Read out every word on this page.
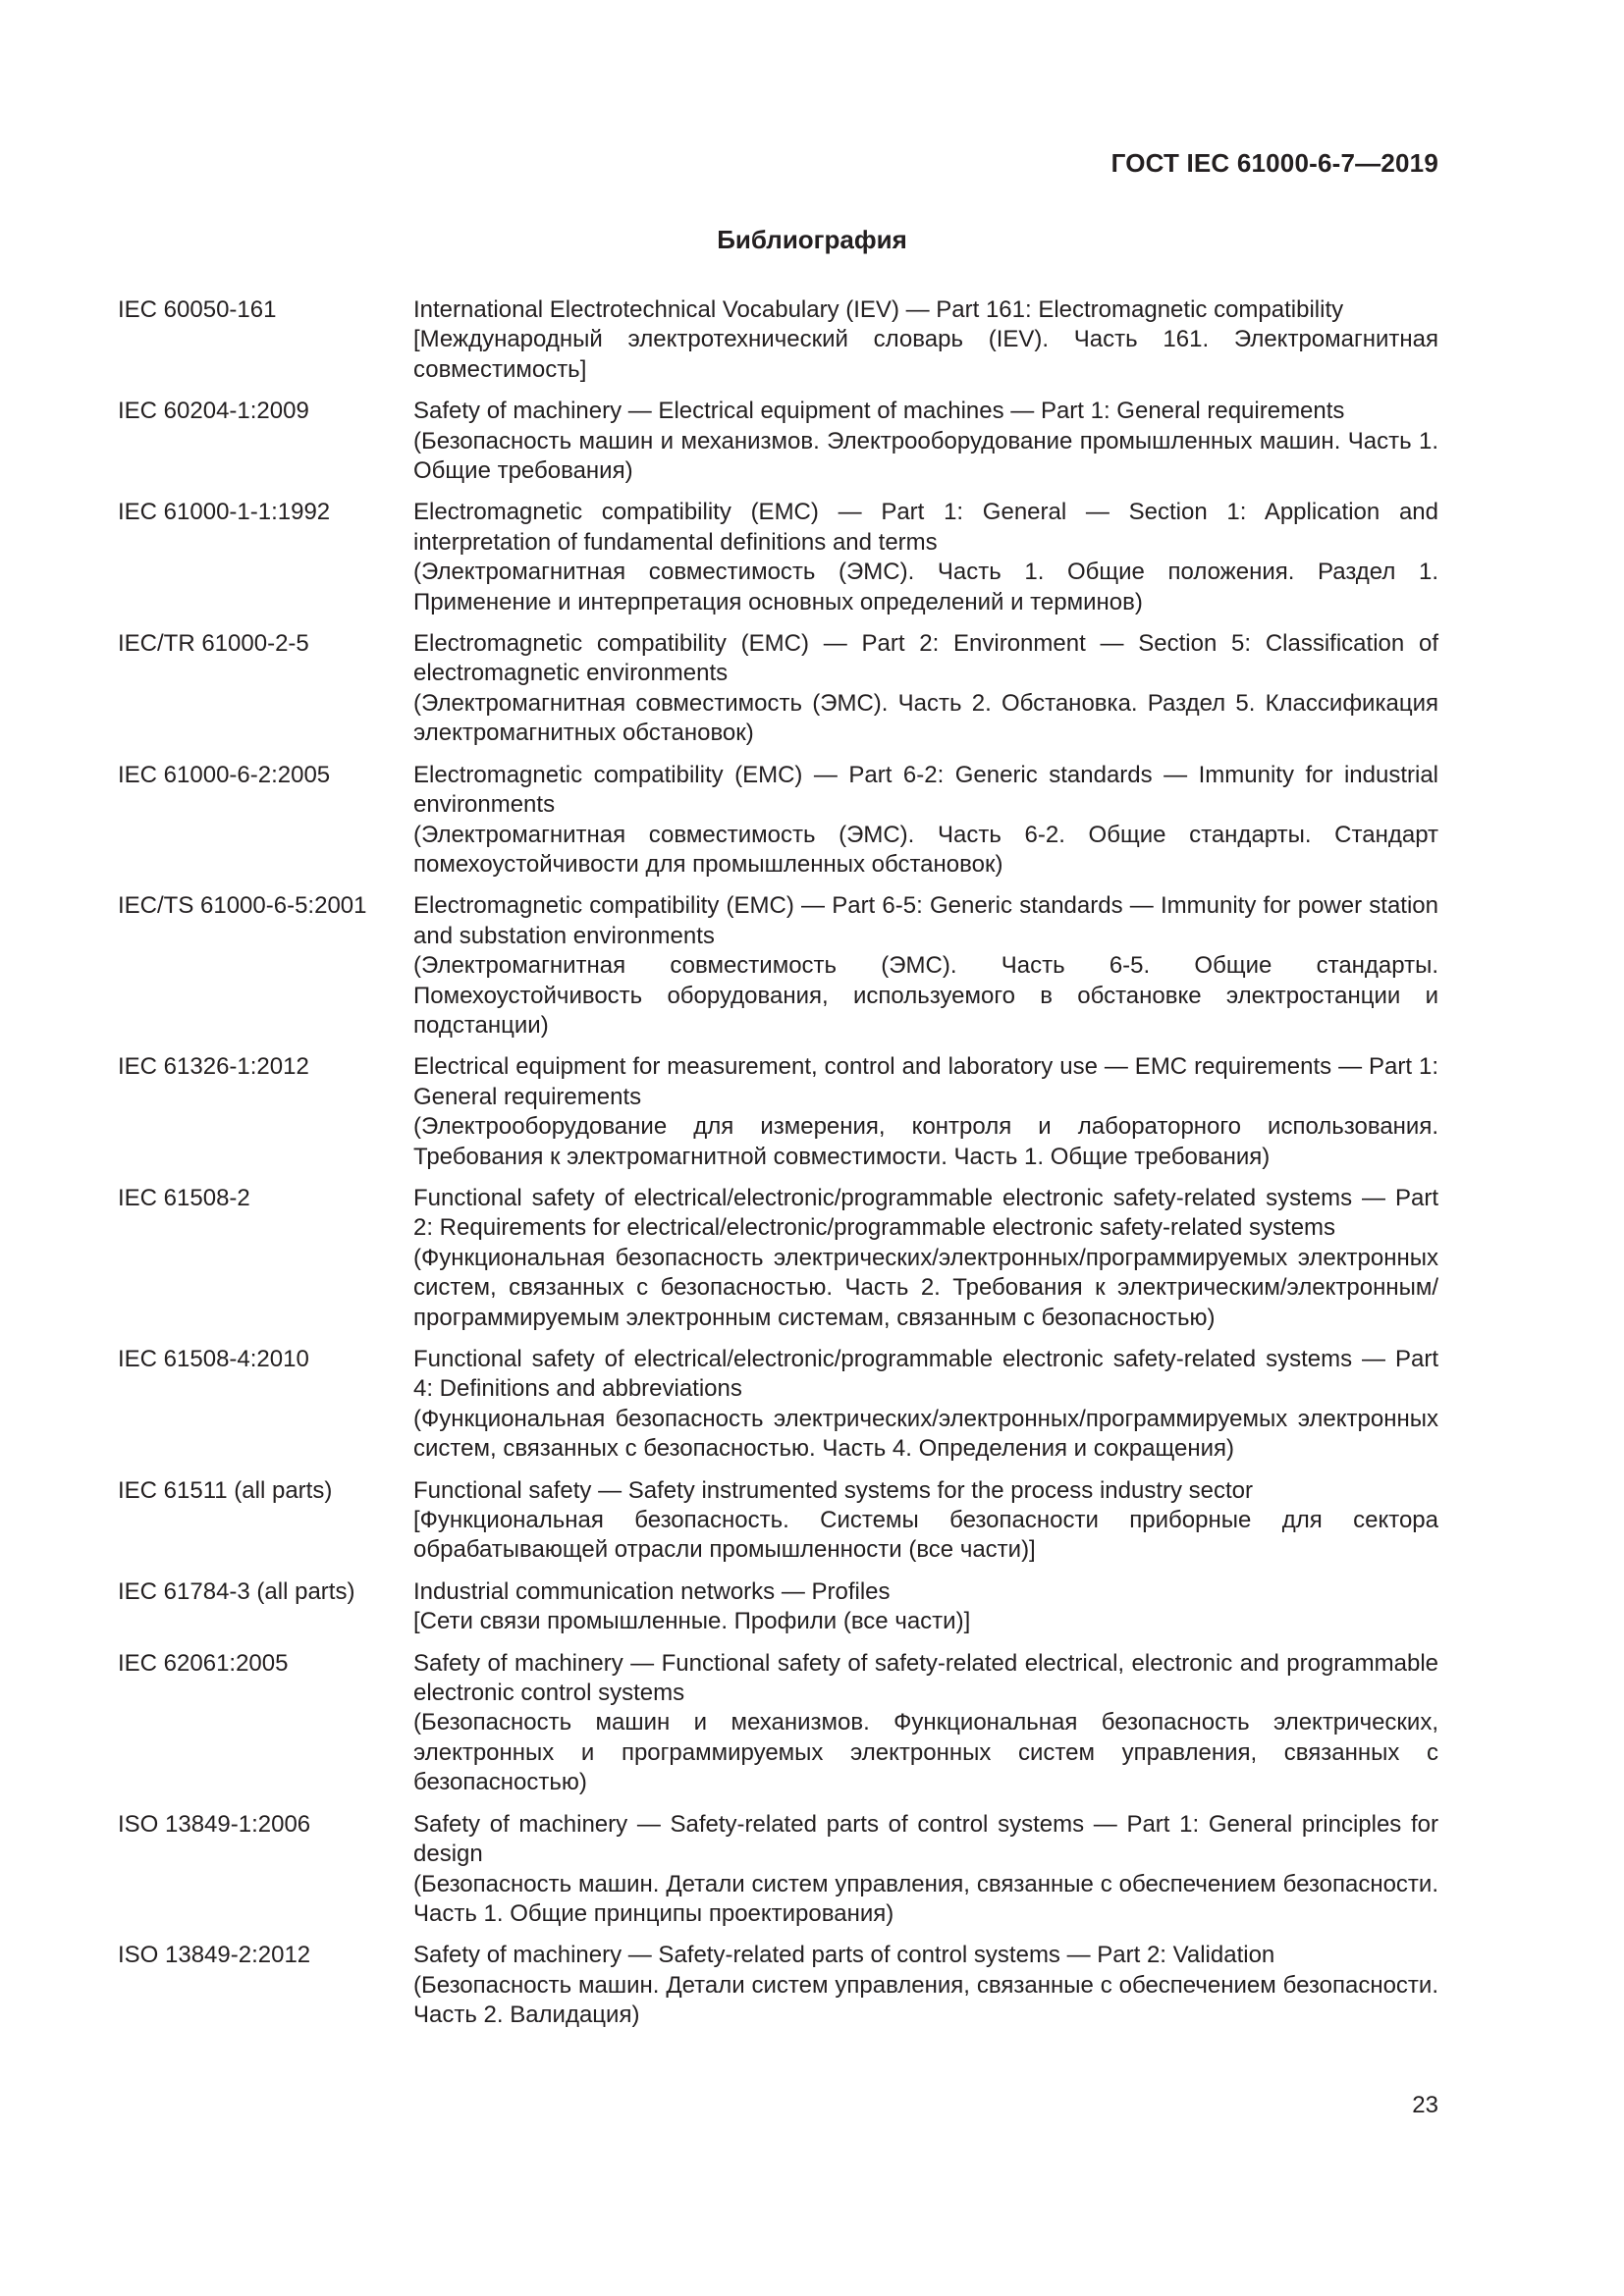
ГОСТ IEC 61000-6-7—2019
Библиография
IEC 60050-161	International Electrotechnical Vocabulary (IEV) — Part 161: Electromagnetic compatibility
[Международный электротехнический словарь (IEV). Часть 161. Электромагнитная совместимость]
IEC 60204-1:2009	Safety of machinery — Electrical equipment of machines — Part 1: General requirements
(Безопасность машин и механизмов. Электрооборудование промышленных машин. Часть 1. Общие требования)
IEC 61000-1-1:1992	Electromagnetic compatibility (EMC) — Part 1: General — Section 1: Application and interpretation of fundamental definitions and terms
(Электромагнитная совместимость (ЭМС). Часть 1. Общие положения. Раздел 1. Применение и интерпретация основных определений и терминов)
IEC/TR 61000-2-5	Electromagnetic compatibility (EMC) — Part 2: Environment — Section 5: Classification of electromagnetic environments
(Электромагнитная совместимость (ЭМС). Часть 2. Обстановка. Раздел 5. Классификация электромагнитных обстановок)
IEC 61000-6-2:2005	Electromagnetic compatibility (EMC) — Part 6-2: Generic standards — Immunity for industrial environments
(Электромагнитная совместимость (ЭМС). Часть 6-2. Общие стандарты. Стандарт помехоустойчивости для промышленных обстановок)
IEC/TS 61000-6-5:2001	Electromagnetic compatibility (EMC) — Part 6-5: Generic standards — Immunity for power station and substation environments
(Электромагнитная совместимость (ЭМС). Часть 6-5. Общие стандарты. Помехоустойчивость оборудования, используемого в обстановке электростанции и подстанции)
IEC 61326-1:2012	Electrical equipment for measurement, control and laboratory use — EMC requirements — Part 1: General requirements
(Электрооборудование для измерения, контроля и лабораторного использования. Требования к электромагнитной совместимости. Часть 1. Общие требования)
IEC 61508-2	Functional safety of electrical/electronic/programmable electronic safety-related systems — Part 2: Requirements for electrical/electronic/programmable electronic safety-related systems
(Функциональная безопасность электрических/электронных/программируемых электронных систем, связанных с безопасностью. Часть 2. Требования к электрическим/электронным/программируемым электронным системам, связанным с безопасностью)
IEC 61508-4:2010	Functional safety of electrical/electronic/programmable electronic safety-related systems — Part 4: Definitions and abbreviations
(Функциональная безопасность электрических/электронных/программируемых электронных систем, связанных с безопасностью. Часть 4. Определения и сокращения)
IEC 61511 (all parts)	Functional safety — Safety instrumented systems for the process industry sector
[Функциональная безопасность. Системы безопасности приборные для сектора обрабатывающей отрасли промышленности (все части)]
IEC 61784-3 (all parts)	Industrial communication networks — Profiles
[Сети связи промышленные. Профили (все части)]
IEC 62061:2005	Safety of machinery — Functional safety of safety-related electrical, electronic and programmable electronic control systems
(Безопасность машин и механизмов. Функциональная безопасность электрических, электронных и программируемых электронных систем управления, связанных с безопасностью)
ISO 13849-1:2006	Safety of machinery — Safety-related parts of control systems — Part 1: General principles for design
(Безопасность машин. Детали систем управления, связанные с обеспечением безопасности. Часть 1. Общие принципы проектирования)
ISO 13849-2:2012	Safety of machinery — Safety-related parts of control systems — Part 2: Validation
(Безопасность машин. Детали систем управления, связанные с обеспечением безопасности. Часть 2. Валидация)
23
